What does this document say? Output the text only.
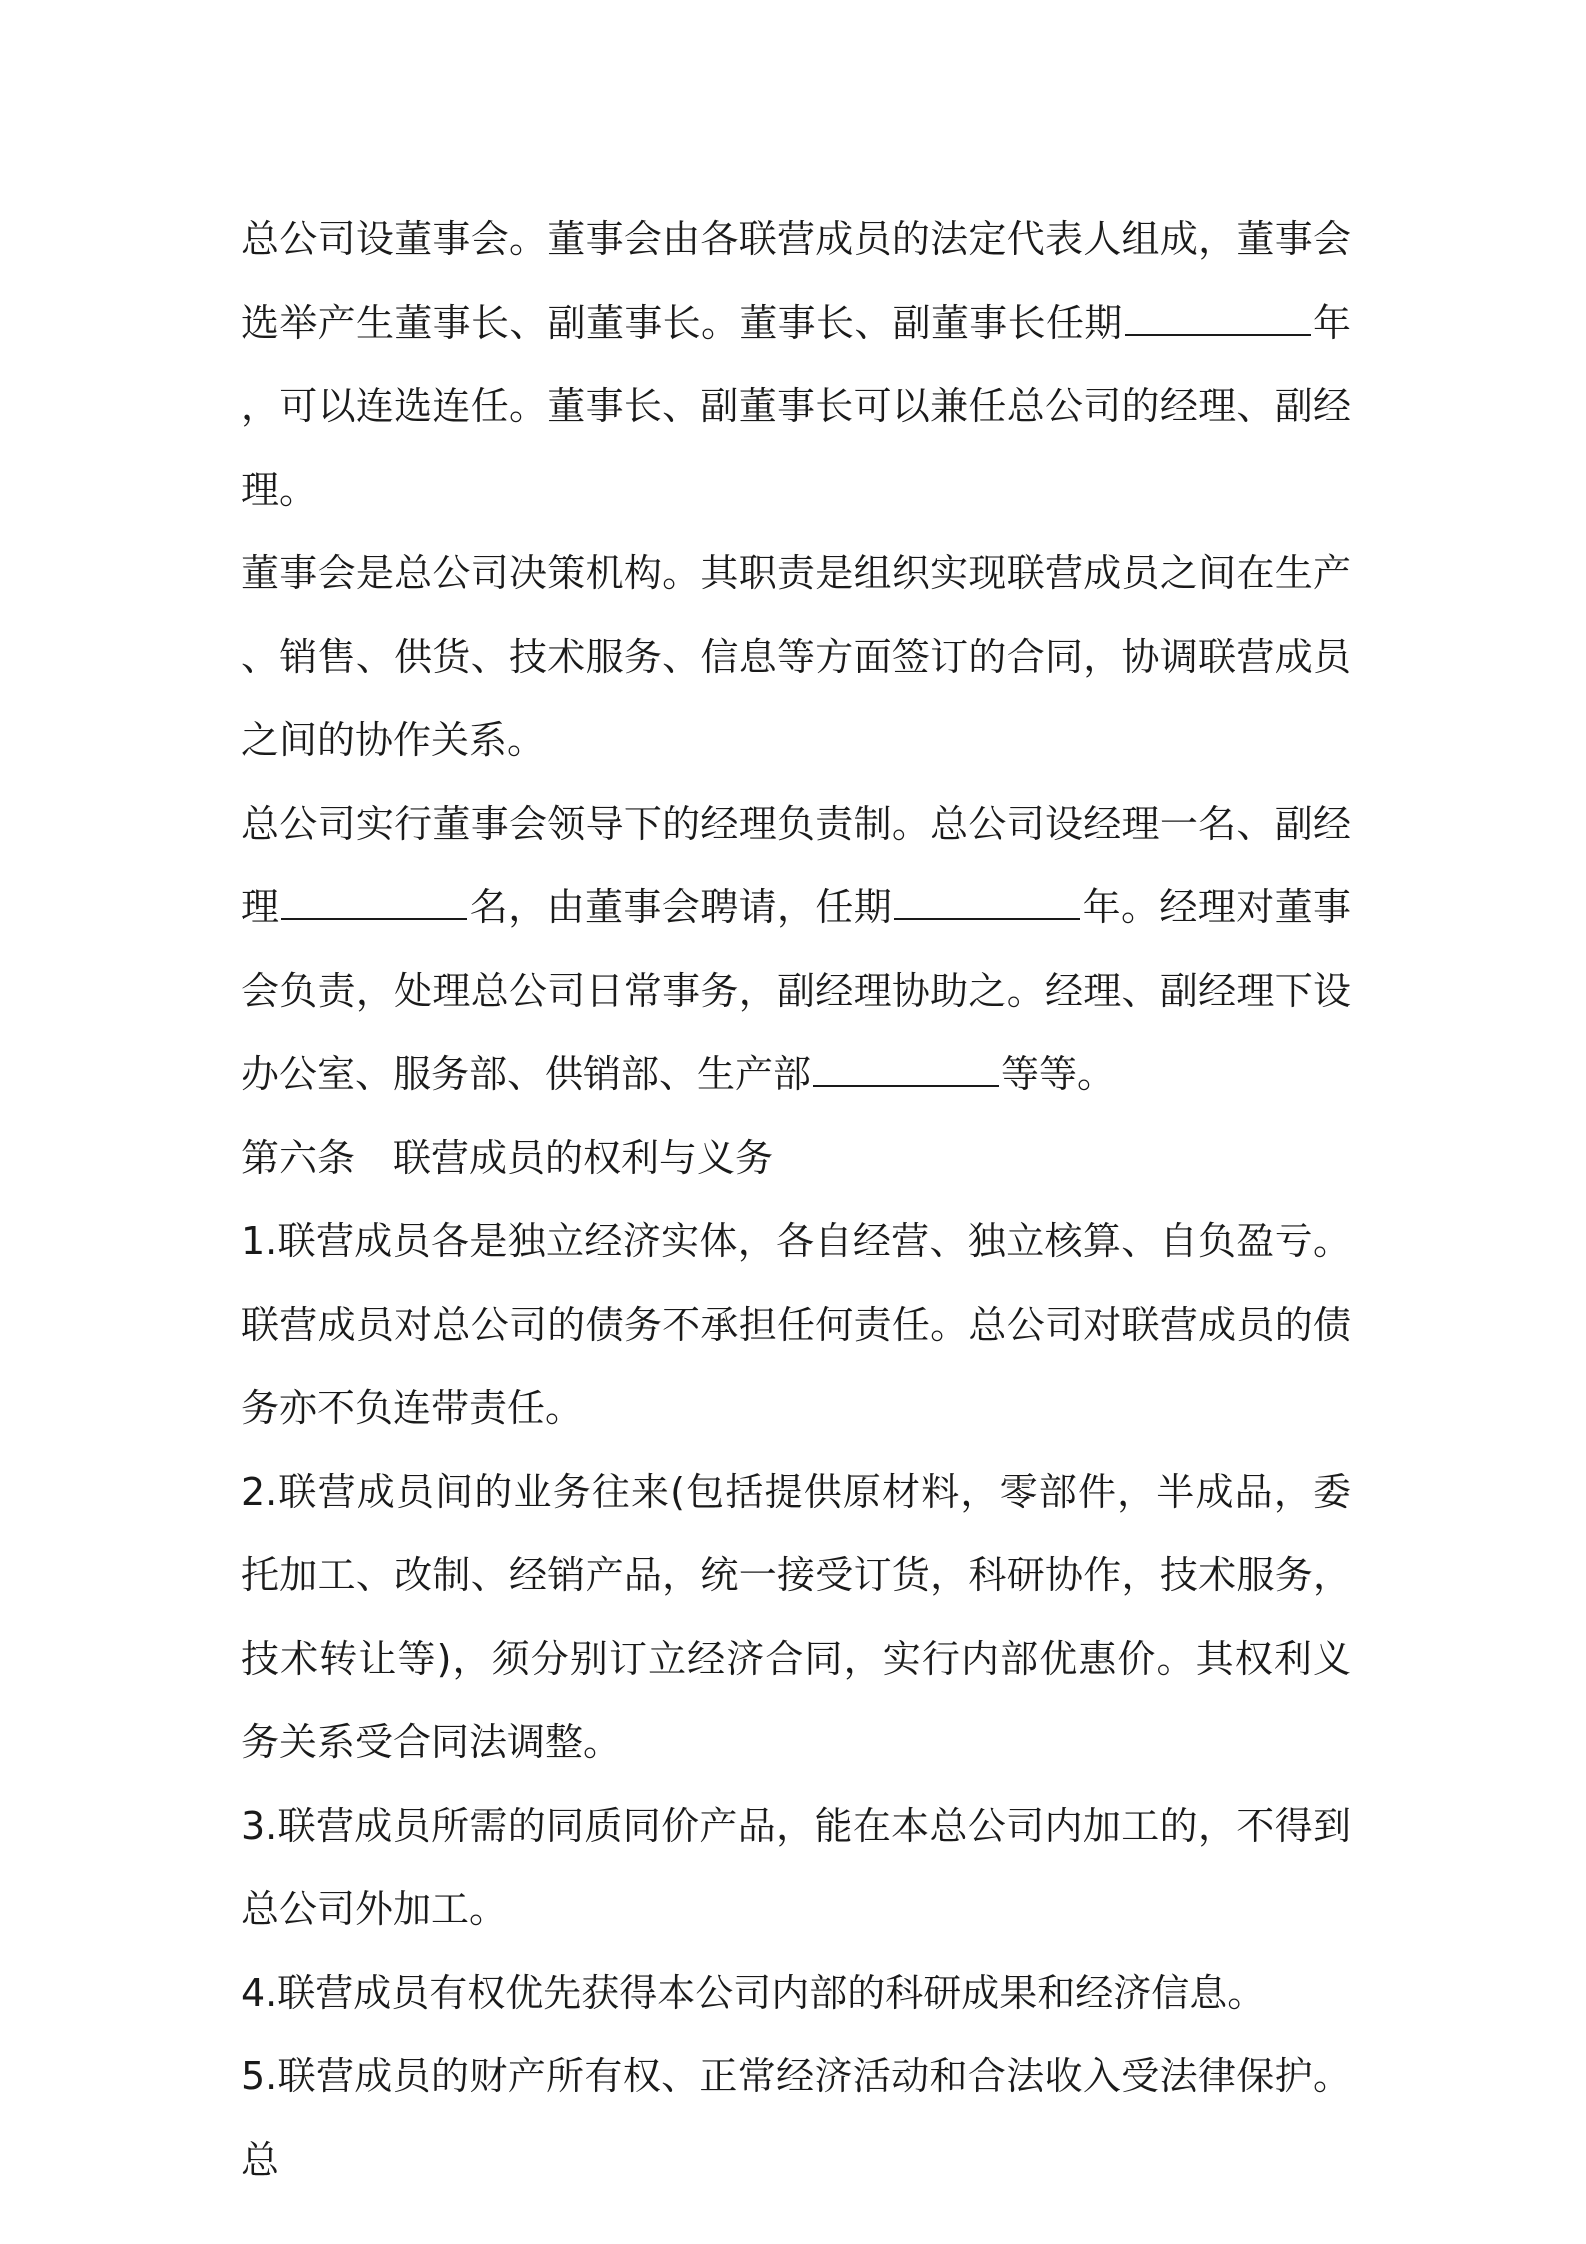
总公司设董事会。董事会由各联营成员的法定代表人组成，董事会选举产生董事长、副董事长。董事长、副董事长任期	年，可以连选连任。董事长、副董事长可以兼任总公司的经理、副经理。

董事会是总公司决策机构。其职责是组织实现联营成员之间在生产、销售、供货、技术服务、信息等方面签订的合同，协调联营成员之间的协作关系。

总公司实行董事会领导下的经理负责制。总公司设经理一名、副经理	名，由董事会聘请，任期	年。经理对董事会负责，处理总公司日常事务，副经理协助之。经理、副经理下设办公室、服务部、供销部、生产部	等等。

第六条　联营成员的权利与义务

1.联营成员各是独立经济实体，各自经营、独立核算、自负盈亏。联营成员对总公司的债务不承担任何责任。总公司对联营成员的债务亦不负连带责任。

2.联营成员间的业务往来(包括提供原材料，零部件，半成品，委托加工、改制、经销产品，统一接受订货，科研协作，技术服务，技术转让等)，须分别订立经济合同，实行内部优惠价。其权利义务关系受合同法调整。

3.联营成员所需的同质同价产品，能在本总公司内加工的，不得到总公司外加工。

4.联营成员有权优先获得本公司内部的科研成果和经济信息。

5.联营成员的财产所有权、正常经济活动和合法收入受法律保护。总
